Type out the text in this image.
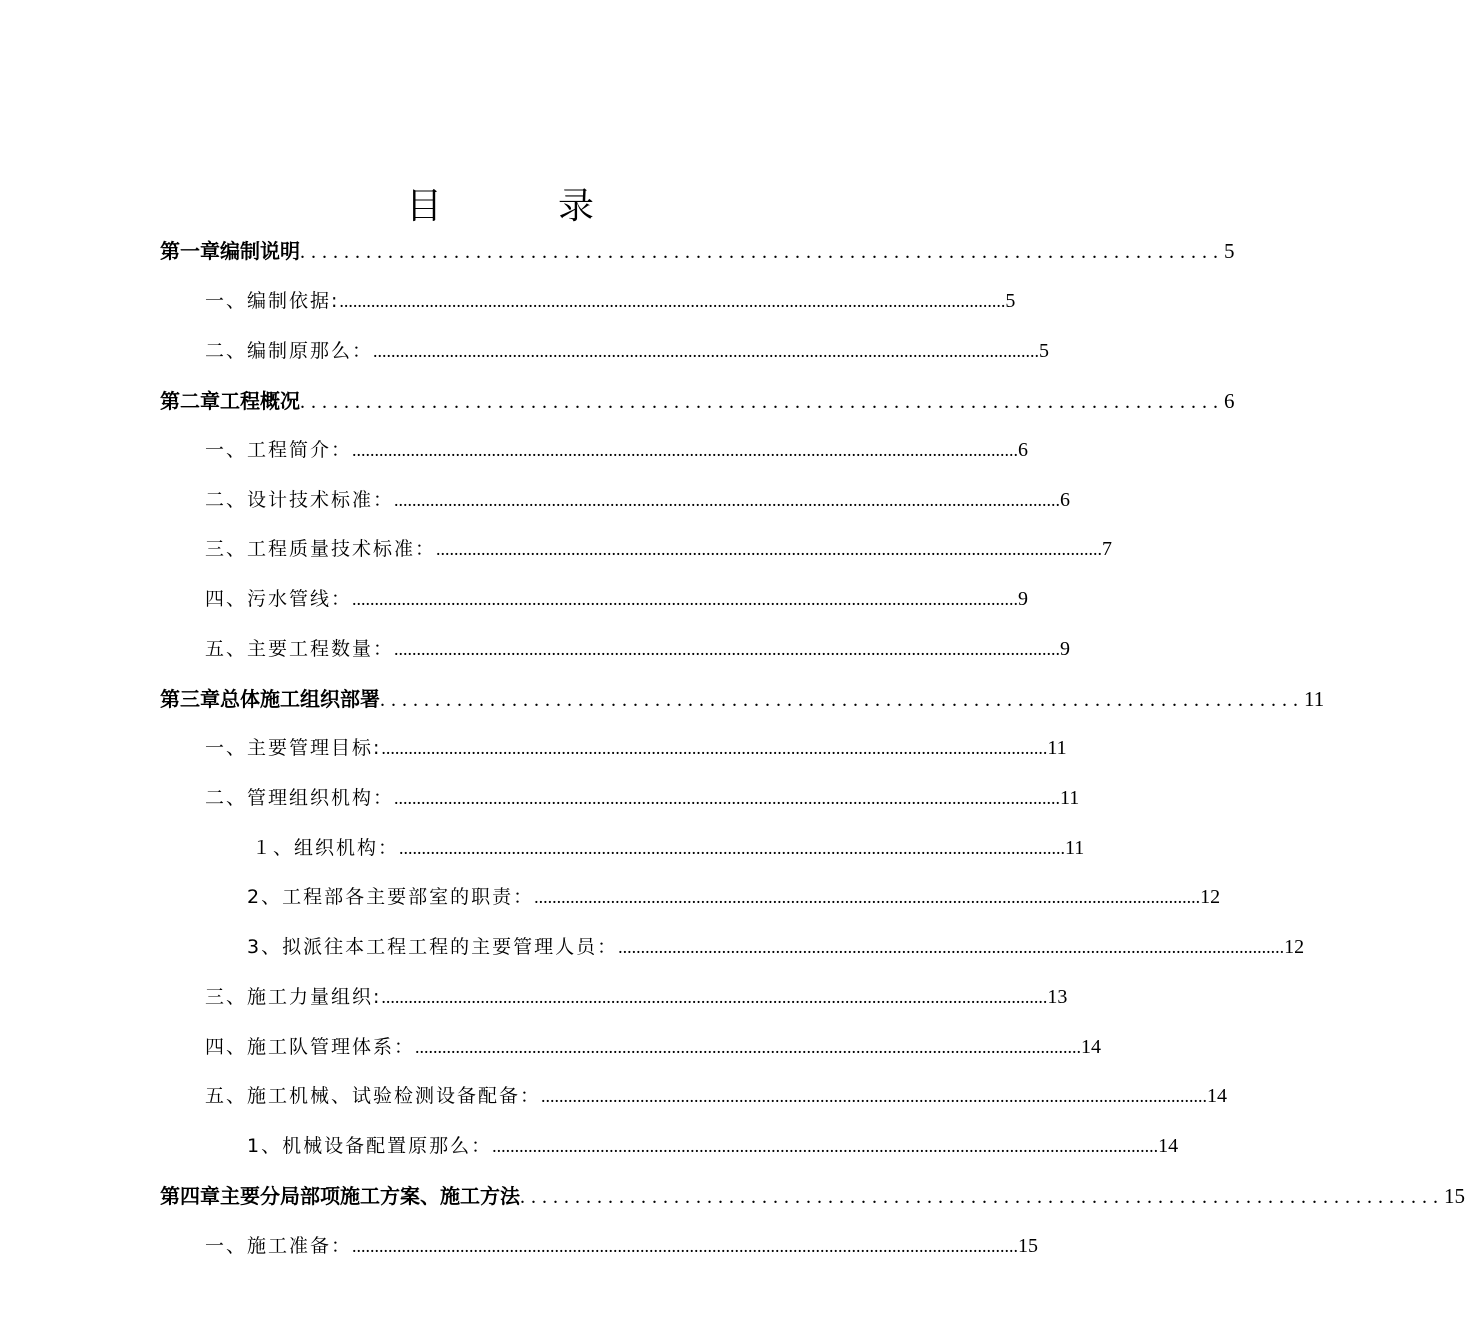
目　录
第一章 编制说明 .................................................................................... 5
一、编制依据: .................................................................................................................................................... 5
二、编制原那么： .................................................................................................................................................... 5
第二章 工程概况 .................................................................................... 6
一、工程简介： .................................................................................................................................................... 6
二、设计技术标准： .................................................................................................................................................... 6
三、工程质量技术标准： .................................................................................................................................................... 7
四、污水管线： .................................................................................................................................................... 9
五、主要工程数量： .................................................................................................................................................... 9
第三章 总体施工组织部署 .................................................................................... 11
一、主要管理目标: .................................................................................................................................................... 11
二、管理组织机构： .................................................................................................................................................... 11
１、组织机构： .................................................................................................................................................... 11
2、工程部各主要部室的职责： .................................................................................................................................................... 12
3、拟派往本工程工程的主要管理人员： .................................................................................................................................................... 12
三、施工力量组织: .................................................................................................................................................... 13
四、施工队管理体系： .................................................................................................................................................... 14
五、施工机械、试验检测设备配备： .................................................................................................................................................... 14
1、机械设备配置原那么： .................................................................................................................................................... 14
第四章 主要分局部项施工方案、施工方法 .................................................................................... 15
一、施工准备： .................................................................................................................................................... 15
